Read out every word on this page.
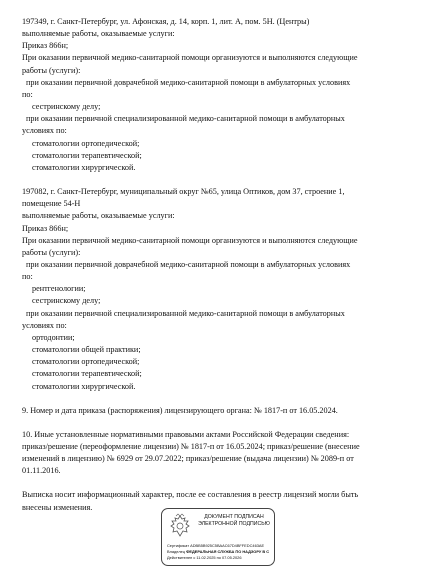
197349, г. Санкт-Петербург, ул. Афонская, д. 14, корп. 1, лит. А, пом. 5Н. (Центры)

выполняемые работы, оказываемые услуги:

Приказ 866н;

При оказании первичной медико-санитарной помощи организуются и выполняются следующие

работы (услуги):

при оказании первичной доврачебной медико-санитарной помощи в амбулаторных условиях

по:

сестринскому делу;

при оказании первичной специализированной медико-санитарной помощи в амбулаторных

условиях по:

стоматологии ортопедической;

стоматологии терапевтической;

стоматологии хирургической.

197082, г. Санкт-Петербург, муниципальный округ №65, улица Оптиков, дом 37, строение 1,

помещение 54-Н

выполняемые работы, оказываемые услуги:

Приказ 866н;

При оказании первичной медико-санитарной помощи организуются и выполняются следующие

работы (услуги):

при оказании первичной доврачебной медико-санитарной помощи в амбулаторных условиях

по:

рентгенологии;

сестринскому делу;

при оказании первичной специализированной медико-санитарной помощи в амбулаторных

условиях по:

ортодонтии;

стоматологии общей практики;

стоматологии ортопедической;

стоматологии терапевтической;

стоматологии хирургической.

9. Номер и дата приказа (распоряжения) лицензирующего органа: № 1817-п от 16.05.2024.

10. Иные установленные нормативными правовыми актами Российской Федерации сведения:

приказ/решение (переоформление лицензии) № 1817-п от 16.05.2024; приказ/решение (внесение

изменений в лицензию) № 6929 от 29.07.2022; приказ/решение (выдача лицензии) № 2089-п от

01.11.2016.

Выписка носит информационный характер, после ее составления в реестр лицензий могли быть

внесены изменения.

ДОКУМЕНТ ПОДПИСАН
ЭЛЕКТРОННОЙ ПОДПИСЬЮ
Сертификат ADBB5B925C5BAAC67D4BFFEDC463AE
Владелец ФЕДЕРАЛЬНАЯ СЛУЖБА ПО НАДЗОРУ В С
Действителен с 11.02.2025 по 07.05.2026
